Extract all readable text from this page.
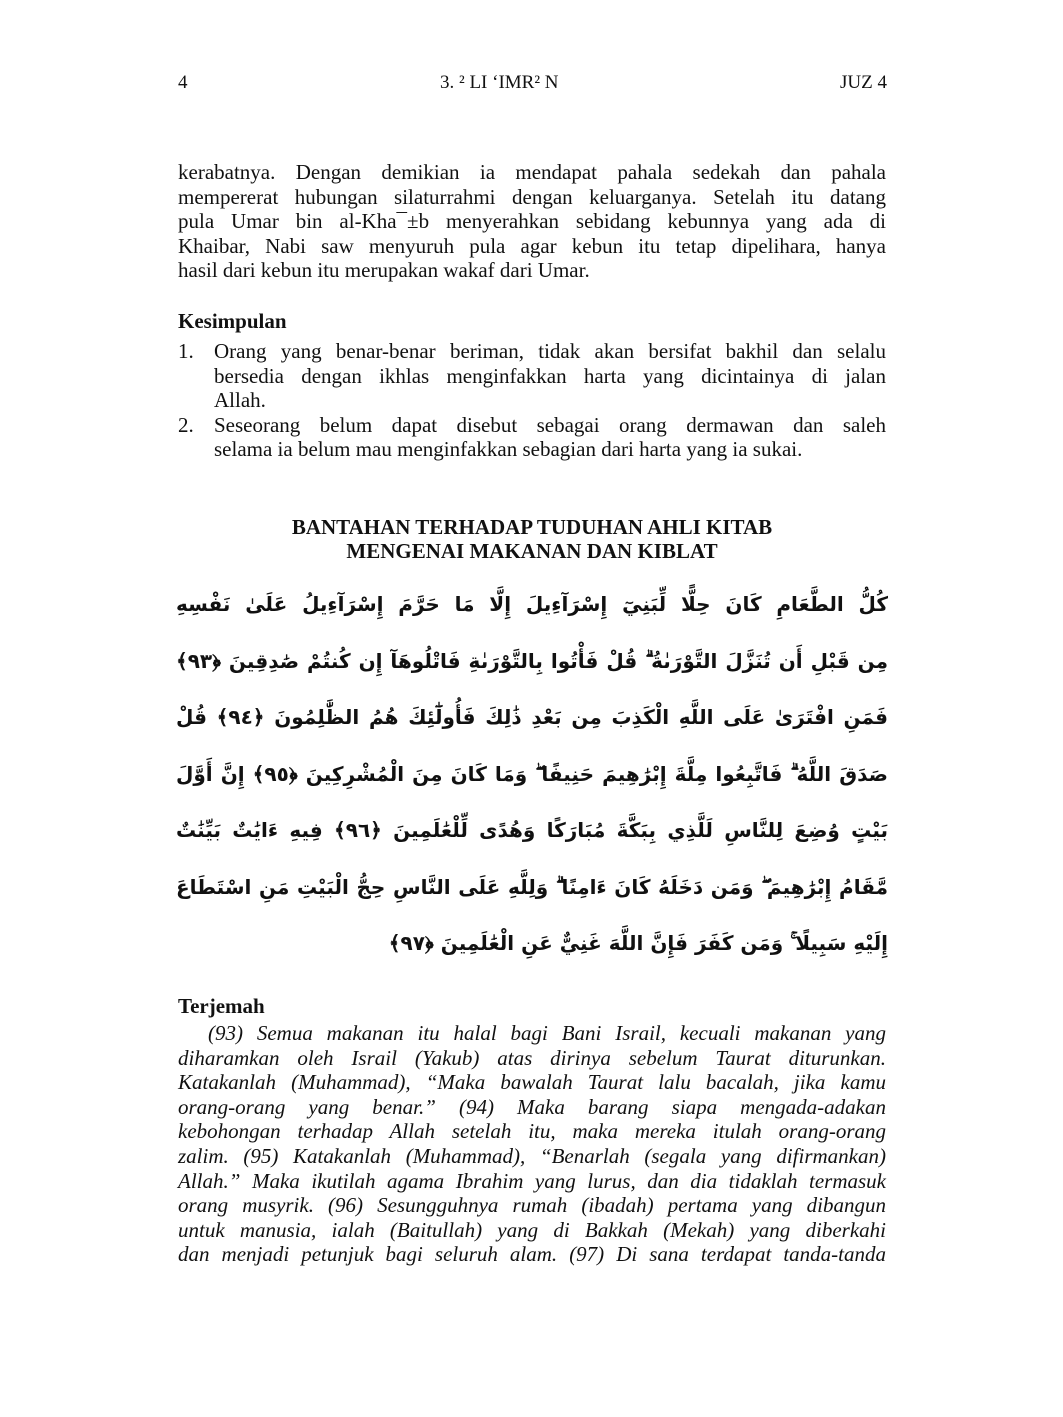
4	3. ² LI ‘IMR² N	JUZ 4
kerabatnya. Dengan demikian ia mendapat pahala sedekah dan pahala
mempererat hubungan silaturrahmi dengan keluarganya. Setelah itu datang
pula Umar bin al-Kha¯±b menyerahkan sebidang kebunnya yang ada di
Khaibar, Nabi saw menyuruh pula agar kebun itu tetap dipelihara, hanya
hasil dari kebun itu merupakan wakaf dari Umar.
Kesimpulan
1. Orang yang benar-benar beriman, tidak akan bersifat bakhil dan selalu
bersedia dengan ikhlas menginfakkan harta yang dicintainya di jalan
Allah.
2. Seseorang belum dapat disebut sebagai orang dermawan dan saleh
selama ia belum mau menginfakkan sebagian dari harta yang ia sukai.
BANTAHAN TERHADAP TUDUHAN AHLI KITAB
MENGENAI MAKANAN DAN KIBLAT
كُلُّ الطَّعَامِ كَانَ حِلًّا لِّبَنِيٓ إِسْرَآءِيلَ إِلَّا مَا حَرَّمَ إِسْرَآءِيلُ عَلَىٰ نَفْسِهِ
مِن قَبْلِ أَن تُنَزَّلَ التَّوْرَىٰةُ ۗ قُلْ فَأْتُوا بِالتَّوْرَىٰةِ فَاتْلُوهَآ إِن كُنتُمْ صَٰدِقِينَ ﴿٩٣﴾
فَمَنِ افْتَرَىٰ عَلَى اللَّهِ الْكَذِبَ مِن بَعْدِ ذَٰلِكَ فَأُولَٰٓئِكَ هُمُ الظَّٰلِمُونَ ﴿٩٤﴾ قُلْ
صَدَقَ اللَّهُ ۗ فَاتَّبِعُوا مِلَّةَ إِبْرَٰهِيمَ حَنِيفًا ۖ وَمَا كَانَ مِنَ الْمُشْرِكِينَ ﴿٩٥﴾ إِنَّ أَوَّلَ
بَيْتٍ وُضِعَ لِلنَّاسِ لَلَّذِي بِبَكَّةَ مُبَارَكًا وَهُدًى لِّلْعَٰلَمِينَ ﴿٩٦﴾ فِيهِ ءَايَٰتٌ بَيِّنَٰتٌ
مَّقَامُ إِبْرَٰهِيمَ ۖ وَمَن دَخَلَهُ كَانَ ءَامِنًا ۗ وَلِلَّهِ عَلَى النَّاسِ حِجُّ الْبَيْتِ مَنِ اسْتَطَاعَ
إِلَيْهِ سَبِيلًا ۚ وَمَن كَفَرَ فَإِنَّ اللَّهَ غَنِيٌّ عَنِ الْعَٰلَمِينَ ﴿٩٧﴾
Terjemah
(93) Semua makanan itu halal bagi Bani Israil, kecuali makanan yang
diharamkan oleh Israil (Yakub) atas dirinya sebelum Taurat diturunkan.
Katakanlah (Muhammad), “Maka bawalah Taurat lalu bacalah, jika kamu
orang-orang yang benar.” (94) Maka barang siapa mengada-adakan
kebohongan terhadap Allah setelah itu, maka mereka itulah orang-orang
zalim. (95) Katakanlah (Muhammad), “Benarlah (segala yang difirmankan)
Allah.” Maka ikutilah agama Ibrahim yang lurus, dan dia tidaklah termasuk
orang musyrik. (96) Sesungguhnya rumah (ibadah) pertama yang dibangun
untuk manusia, ialah (Baitullah) yang di Bakkah (Mekah) yang diberkahi
dan menjadi petunjuk bagi seluruh alam. (97) Di sana terdapat tanda-tanda
